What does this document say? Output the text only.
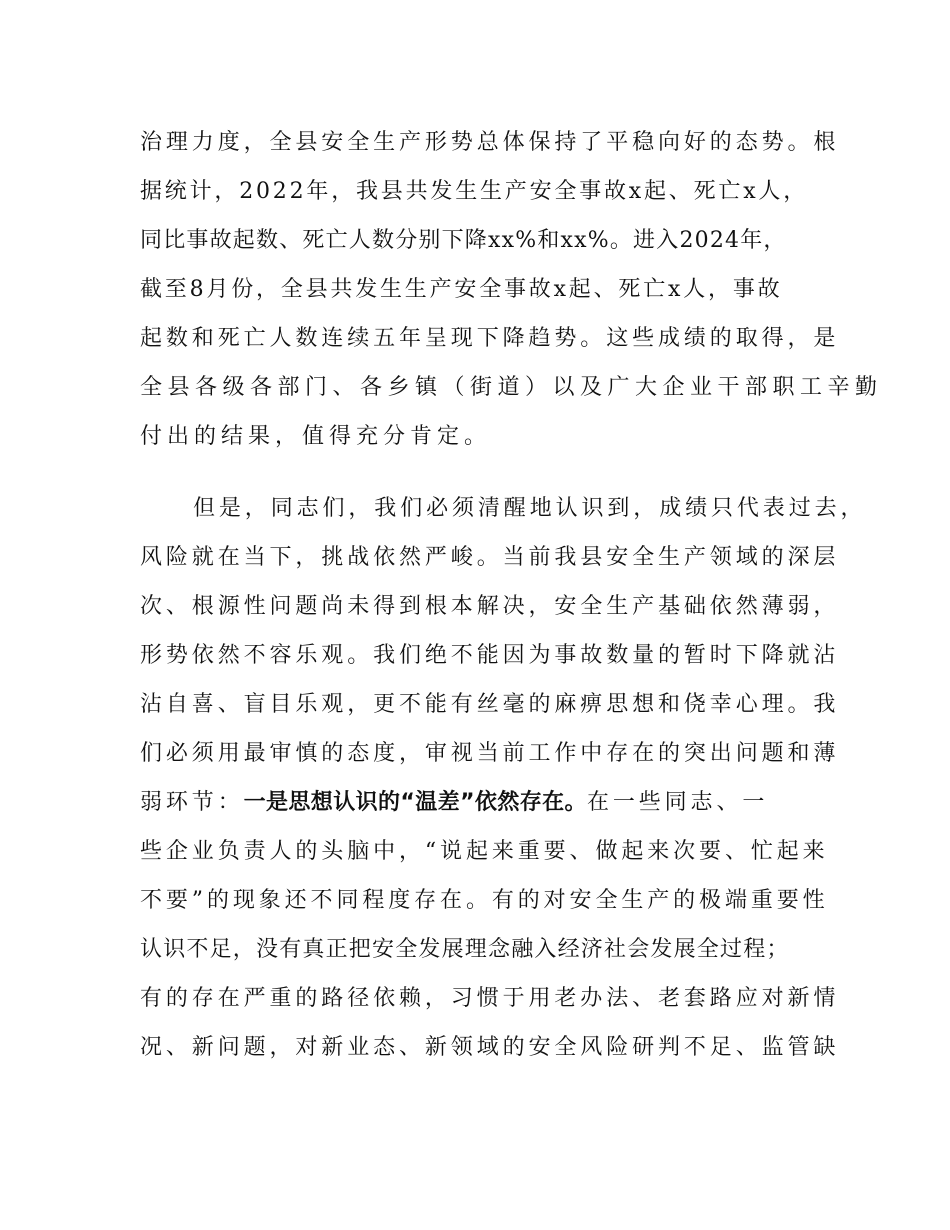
治理力度，全县安全生产形势总体保持了平稳向好的态势。根
据统计，2022年，我县共发生生产安全事故x起、死亡x人，
同比事故起数、死亡人数分别下降xx%和xx%。进入2024年，
截至8月份，全县共发生生产安全事故x起、死亡x人，事故
起数和死亡人数连续五年呈现下降趋势。这些成绩的取得，是
全县各级各部门、各乡镇（街道）以及广大企业干部职工辛勤
付出的结果，值得充分肯定。
但是，同志们，我们必须清醒地认识到，成绩只代表过去，
风险就在当下，挑战依然严峻。当前我县安全生产领域的深层
次、根源性问题尚未得到根本解决，安全生产基础依然薄弱，
形势依然不容乐观。我们绝不能因为事故数量的暂时下降就沾
沾自喜、盲目乐观，更不能有丝毫的麻痹思想和侥幸心理。我
们必须用最审慎的态度，审视当前工作中存在的突出问题和薄
弱环节：一是思想认识的“温差”依然存在。在一些同志、一
些企业负责人的头脑中，“说起来重要、做起来次要、忙起来
不要”的现象还不同程度存在。有的对安全生产的极端重要性
认识不足，没有真正把安全发展理念融入经济社会发展全过程；
有的存在严重的路径依赖，习惯于用老办法、老套路应对新情
况、新问题，对新业态、新领域的安全风险研判不足、监管缺
